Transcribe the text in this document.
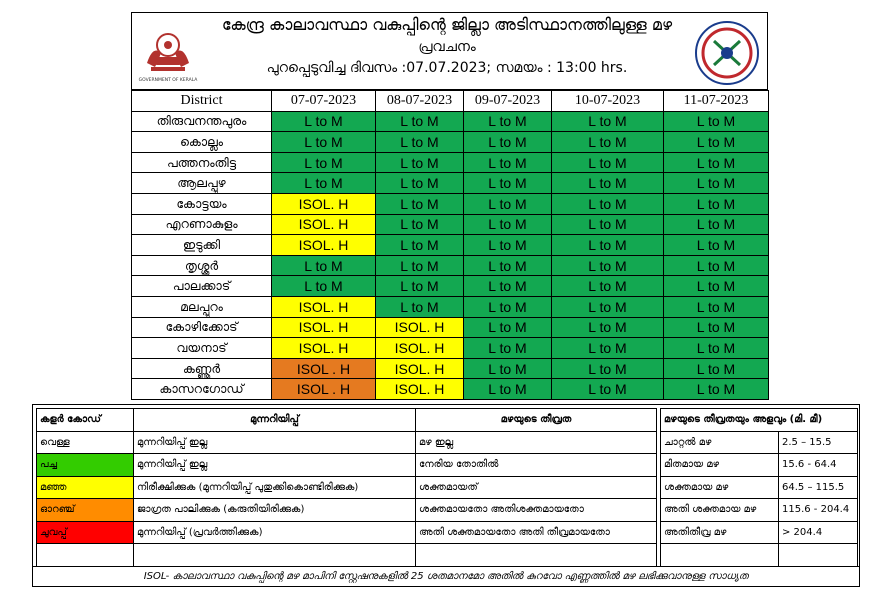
GOVERNMENT OF KERALA
കേന്ദ്ര കാലാവസ്ഥാ വകുപ്പിന്റെ ജില്ലാ അടിസ്ഥാനത്തിലുള്ള മഴ
പ്രവചനം
പുറപ്പെടുവിച്ച ദിവസം :07.07.2023; സമയം : 13:00 hrs.
District	07-07-2023	08-07-2023	09-07-2023	10-07-2023	11-07-2023
തിരുവനന്തപുരം	L to M	L to M	L to M	L to M	L to M
കൊല്ലം	L to M	L to M	L to M	L to M	L to M
പത്തനംതിട്ട	L to M	L to M	L to M	L to M	L to M
ആലപ്പുഴ	L to M	L to M	L to M	L to M	L to M
കോട്ടയം	ISOL. H	L to M	L to M	L to M	L to M
എറണാകുളം	ISOL. H	L to M	L to M	L to M	L to M
ഇടുക്കി	ISOL. H	L to M	L to M	L to M	L to M
തൃശ്ശൂർ	L to M	L to M	L to M	L to M	L to M
പാലക്കാട്	L to M	L to M	L to M	L to M	L to M
മലപ്പുറം	ISOL. H	L to M	L to M	L to M	L to M
കോഴിക്കോട്	ISOL. H	ISOL. H	L to M	L to M	L to M
വയനാട്	ISOL. H	ISOL. H	L to M	L to M	L to M
കണ്ണൂർ	ISOL . H	ISOL. H	L to M	L to M	L to M
കാസറഗോഡ്	ISOL . H	ISOL. H	L to M	L to M	L to M
കളർ കോഡ്	മുന്നറിയിപ്പ്	മഴയുടെ തീവ്രത
വെള്ള	മുന്നറിയിപ്പ് ഇല്ല	മഴ ഇല്ല
പച്ച	മുന്നറിയിപ്പ് ഇല്ല	നേരിയ തോതിൽ
മഞ്ഞ	നിരീക്ഷിക്കുക (മുന്നറിയിപ്പ് പുതുക്കികൊണ്ടിരിക്കുക)	ശക്തമായത്
ഓറഞ്ച്	ജാഗ്രത പാലിക്കുക (കരുതിയിരിക്കുക)	ശക്തമായതോ അതിശക്തമായതോ
ചുവപ്പ്	മുന്നറിയിപ്പ് (പ്രവർത്തിക്കുക)	അതി ശക്തമായതോ അതി തീവ്രമായതോ

മഴയുടെ തീവ്രതയും അളവും (മി. മീ)	
ചാറ്റൽ മഴ	2.5 – 15.5
മിതമായ മഴ	15.6 - 64.4
ശക്തമായ മഴ	64.5 – 115.5
അതി ശക്തമായ മഴ	115.6 - 204.4
അതിതീവ്ര മഴ	> 204.4

ISOL- കാലാവസ്ഥാ വകുപ്പിന്റെ മഴ മാപിനി സ്റ്റേഷനുകളിൽ 25 ശതമാനമോ അതിൽ കുറവോ എണ്ണത്തിൽ മഴ ലഭിക്കുവാനുള്ള സാധ്യത
